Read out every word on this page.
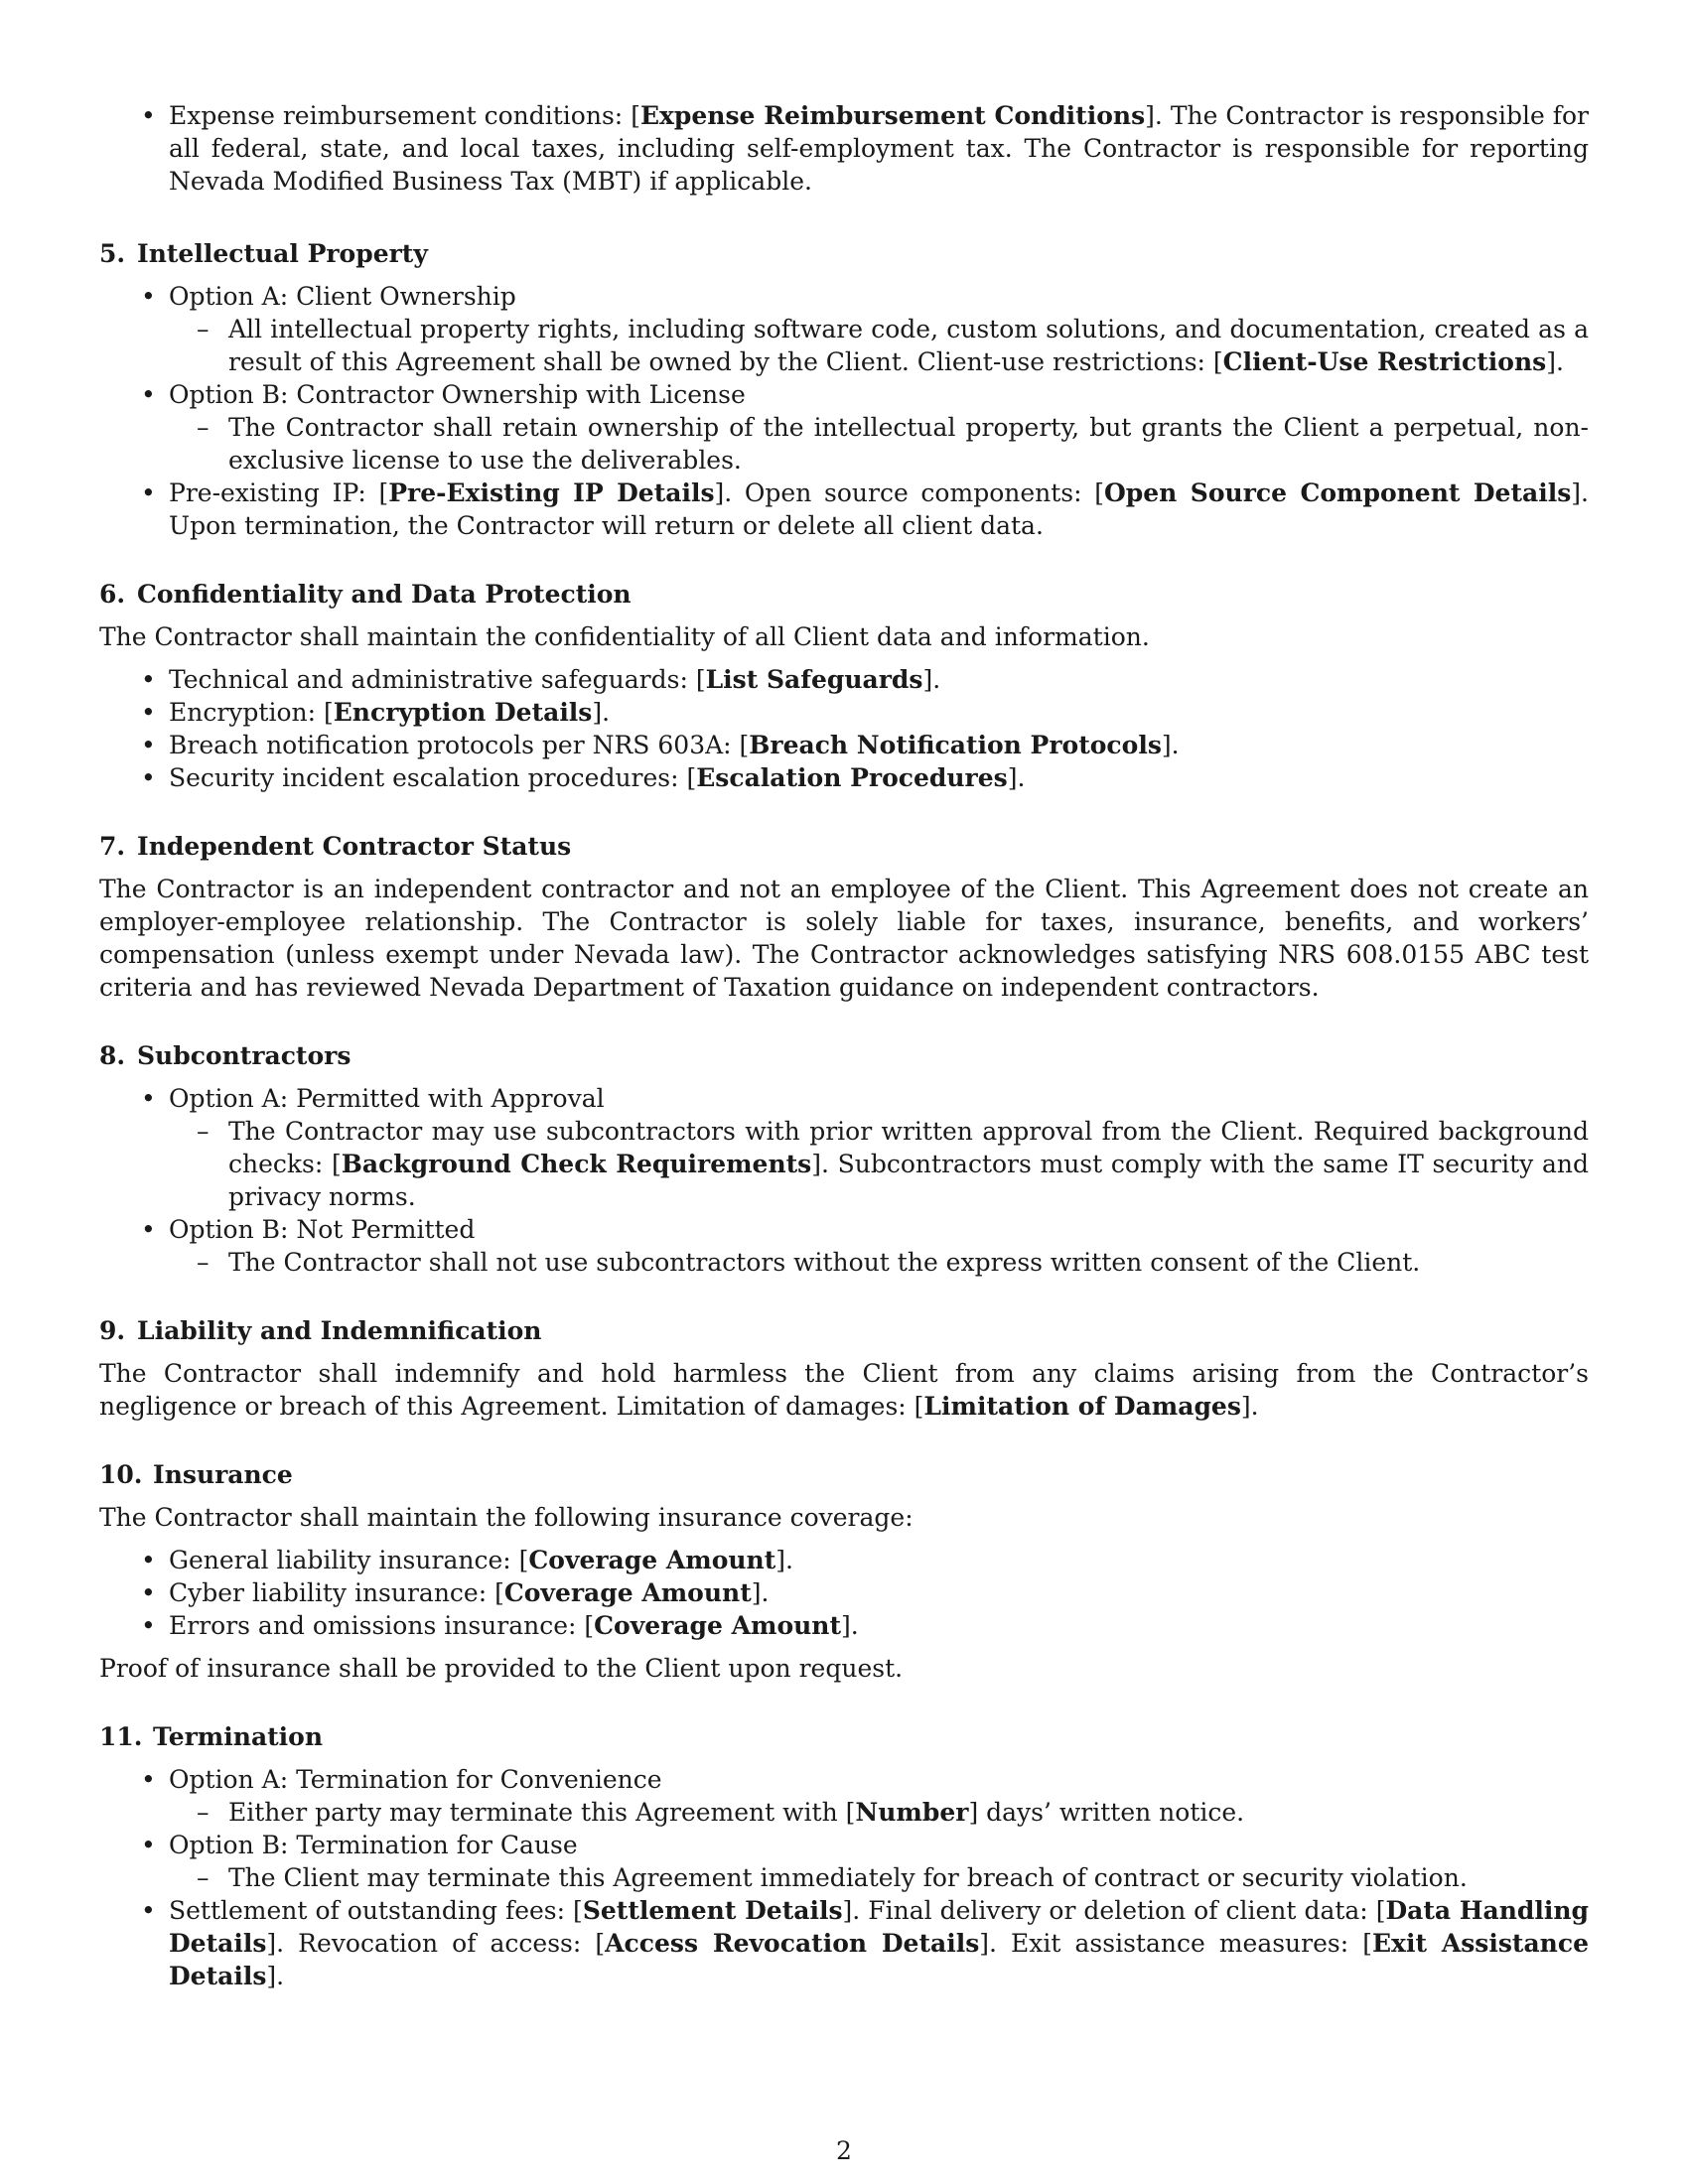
• Expense reimbursement conditions: [Expense Reimbursement Conditions]. The Contractor is responsible for all federal, state, and local taxes, including self-employment tax. The Contractor is responsible for reporting Nevada Modified Business Tax (MBT) if applicable.
5. Intellectual Property
• Option A: Client Ownership
– All intellectual property rights, including software code, custom solutions, and documentation, created as a result of this Agreement shall be owned by the Client. Client-use restrictions: [Client-Use Restrictions].
• Option B: Contractor Ownership with License
– The Contractor shall retain ownership of the intellectual property, but grants the Client a perpetual, non-exclusive license to use the deliverables.
• Pre-existing IP: [Pre-Existing IP Details]. Open source components: [Open Source Component Details]. Upon termination, the Contractor will return or delete all client data.
6. Confidentiality and Data Protection

The Contractor shall maintain the confidentiality of all Client data and information.

• Technical and administrative safeguards: [List Safeguards].
• Encryption: [Encryption Details].
• Breach notification protocols per NRS 603A: [Breach Notification Protocols].
• Security incident escalation procedures: [Escalation Procedures].
7. Independent Contractor Status

The Contractor is an independent contractor and not an employee of the Client. This Agreement does not create an employer-employee relationship. The Contractor is solely liable for taxes, insurance, benefits, and workers’ compensation (unless exempt under Nevada law). The Contractor acknowledges satisfying NRS 608.0155 ABC test criteria and has reviewed Nevada Department of Taxation guidance on independent contractors.

8. Subcontractors
• Option A: Permitted with Approval
– The Contractor may use subcontractors with prior written approval from the Client. Required background checks: [Background Check Requirements]. Subcontractors must comply with the same IT security and privacy norms.
• Option B: Not Permitted
– The Contractor shall not use subcontractors without the express written consent of the Client.
9. Liability and Indemnification

The Contractor shall indemnify and hold harmless the Client from any claims arising from the Contractor’s negligence or breach of this Agreement. Limitation of damages: [Limitation of Damages].

10. Insurance

The Contractor shall maintain the following insurance coverage:

• General liability insurance: [Coverage Amount].
• Cyber liability insurance: [Coverage Amount].
• Errors and omissions insurance: [Coverage Amount].

Proof of insurance shall be provided to the Client upon request.

11. Termination
• Option A: Termination for Convenience
– Either party may terminate this Agreement with [Number] days’ written notice.
• Option B: Termination for Cause
– The Client may terminate this Agreement immediately for breach of contract or security violation.
• Settlement of outstanding fees: [Settlement Details]. Final delivery or deletion of client data: [Data Handling Details]. Revocation of access: [Access Revocation Details]. Exit assistance measures: [Exit Assistance Details].
2
